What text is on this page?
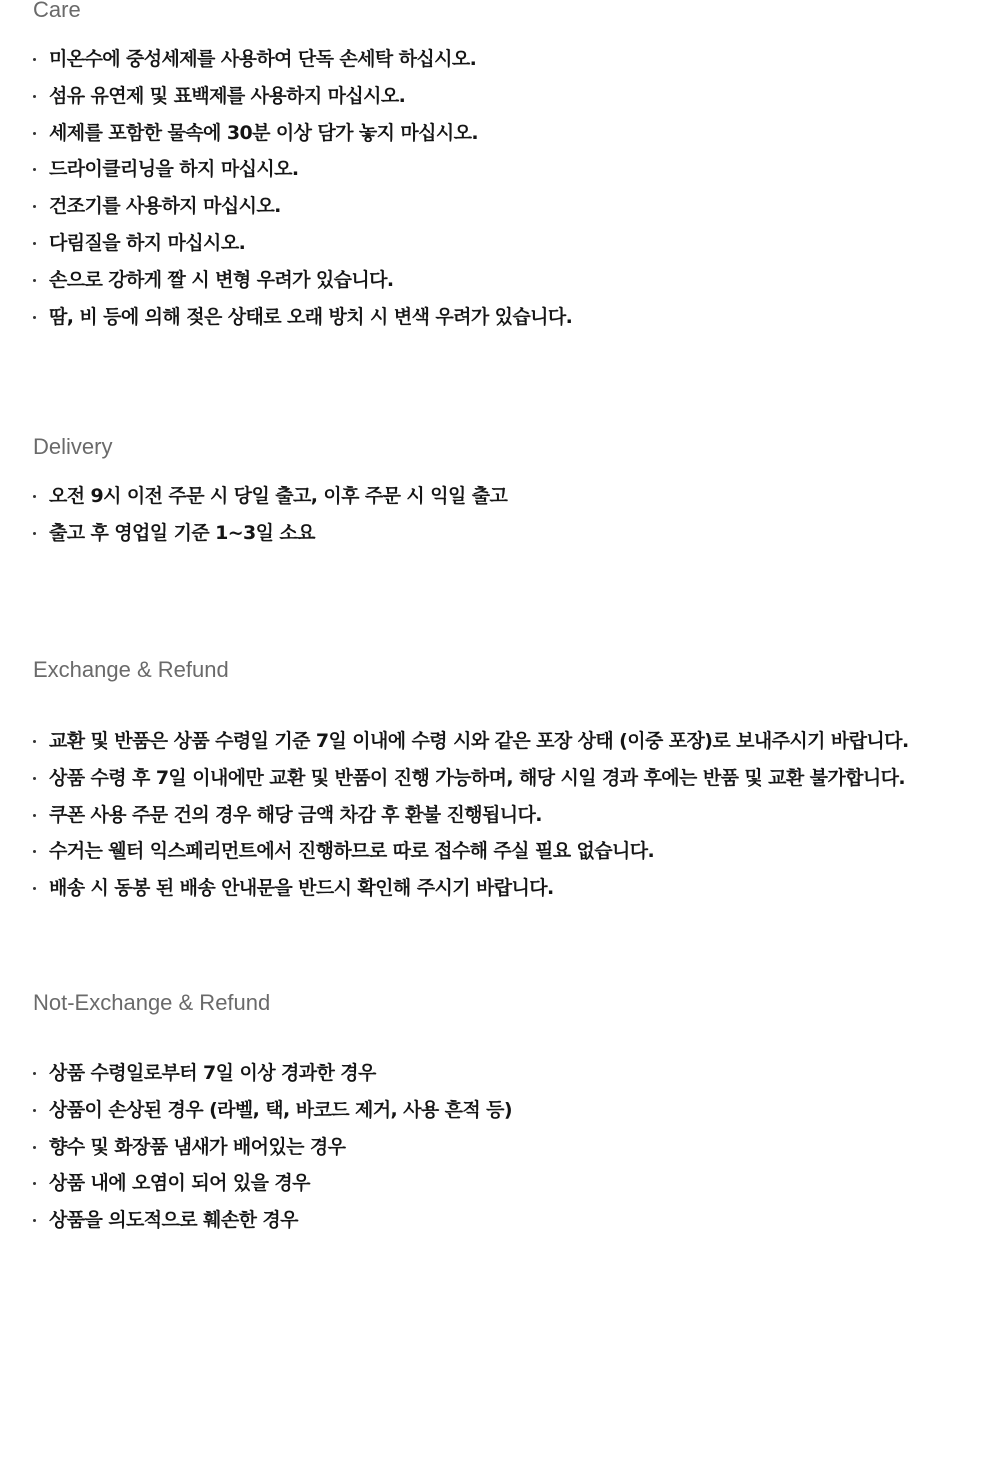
Care
미온수에 중성세제를 사용하여 단독 손세탁 하십시오.
섬유 유연제 및 표백제를 사용하지 마십시오.
세제를 포함한 물속에 30분 이상 담가 놓지 마십시오.
드라이클리닝을 하지 마십시오.
건조기를 사용하지 마십시오.
다림질을 하지 마십시오.
손으로 강하게 짤 시 변형 우려가 있습니다.
땀, 비 등에 의해 젖은 상태로 오래 방치 시 변색 우려가 있습니다.
Delivery
오전 9시 이전 주문 시 당일 출고, 이후 주문 시 익일 출고
출고 후 영업일 기준 1~3일 소요
Exchange & Refund
교환 및 반품은 상품 수령일 기준 7일 이내에 수령 시와 같은 포장 상태 (이중 포장)로 보내주시기 바랍니다.
상품 수령 후 7일 이내에만 교환 및 반품이 진행 가능하며, 해당 시일 경과 후에는 반품 및 교환 불가합니다.
쿠폰 사용 주문 건의 경우 해당 금액 차감 후 환불 진행됩니다.
수거는 웰터 익스페리먼트에서 진행하므로 따로 접수해 주실 필요 없습니다.
배송 시 동봉 된 배송 안내문을 반드시 확인해 주시기 바랍니다.
Not-Exchange & Refund
상품 수령일로부터 7일 이상 경과한 경우
상품이 손상된 경우 (라벨, 택, 바코드 제거, 사용 흔적 등)
향수 및 화장품 냄새가 배어있는 경우
상품 내에 오염이 되어 있을 경우
상품을 의도적으로 훼손한 경우
